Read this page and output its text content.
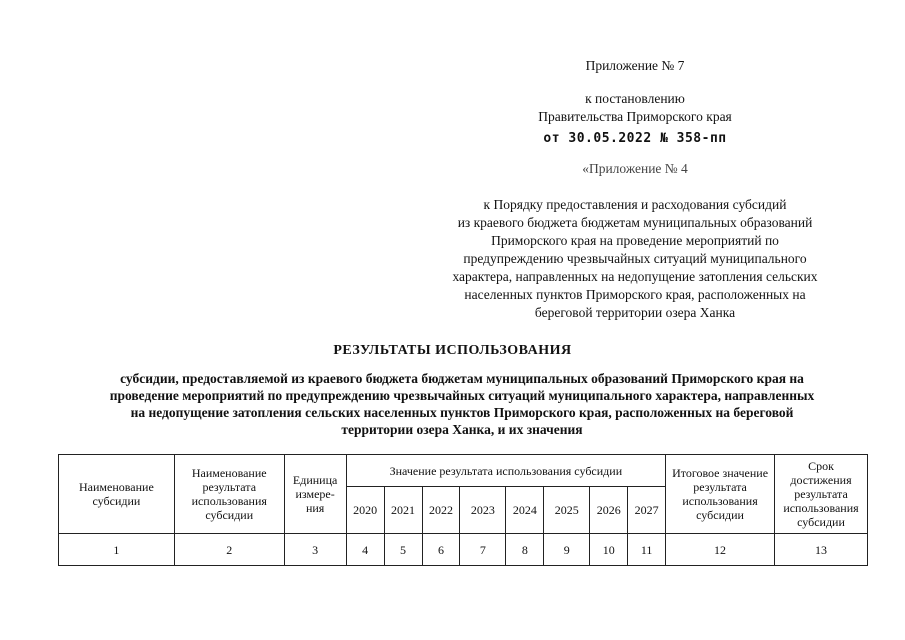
Приложение № 7
к постановлению
Правительства Приморского края
от 30.05.2022 № 358-пп
«Приложение № 4
к Порядку предоставления и расходования субсидий
из краевого бюджета бюджетам муниципальных образований
Приморского края на проведение мероприятий по
предупреждению чрезвычайных ситуаций муниципального
характера, направленных на недопущение затопления сельских
населенных пунктов Приморского края, расположенных на
береговой территории озера Ханка
РЕЗУЛЬТАТЫ ИСПОЛЬЗОВАНИЯ
субсидии, предоставляемой из краевого бюджета бюджетам муниципальных образований Приморского края на
проведение мероприятий по предупреждению чрезвычайных ситуаций муниципального характера, направленных
на недопущение затопления сельских населенных пунктов Приморского края, расположенных на береговой
территории озера Ханка, и их значения
Наименование субсидии	Наименование результата использования субсидии	Единица измере-ния	Значение результата использования субсидии								Итоговое значение результата использования субсидии	Срок достижения результата использования субсидии
			2020	2021	2022	2023	2024	2025	2026	2027		
1	2	3	4	5	6	7	8	9	10	11	12	13
